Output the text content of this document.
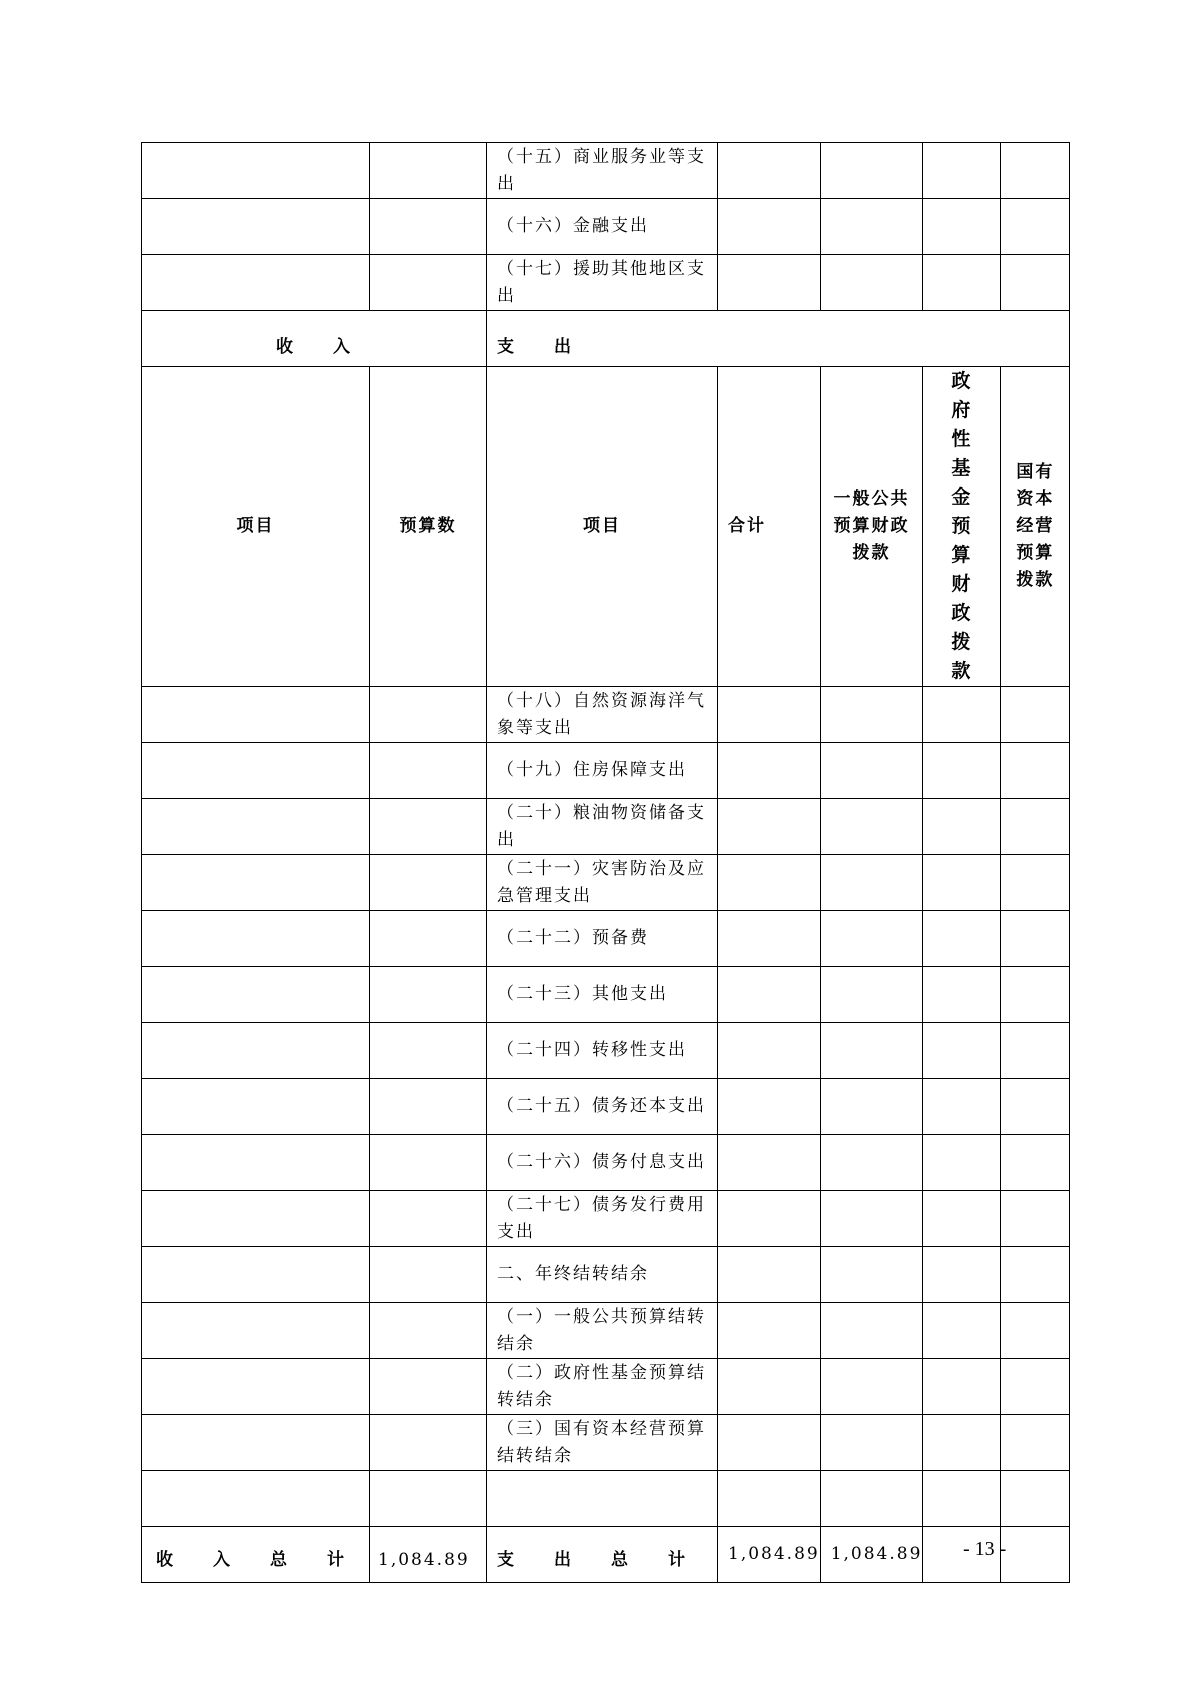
		（十五）商业服务业等支出				
		（十六）金融支出				
		（十七）援助其他地区支出				
收　　入		支　　出				
项目	预算数	项目	合计	一般公共预算财政拨款	政府性基金预算财政拨款	国有资本经营预算拨款
		（十八）自然资源海洋气象等支出				
		（十九）住房保障支出				
		（二十）粮油物资储备支出				
		（二十一）灾害防治及应急管理支出				
		（二十二）预备费				
		（二十三）其他支出				
		（二十四）转移性支出				
		（二十五）债务还本支出				
		（二十六）债务付息支出				
		（二十七）债务发行费用支出				
		二、年终结转结余				
		（一）一般公共预算结转结余				
		（二）政府性基金预算结转结余				
		（三）国有资本经营预算结转结余				

收　　入　　总　　计	1,084.89	支　　出　　总　　计	1,084.89	1,084.89		- 13 -
